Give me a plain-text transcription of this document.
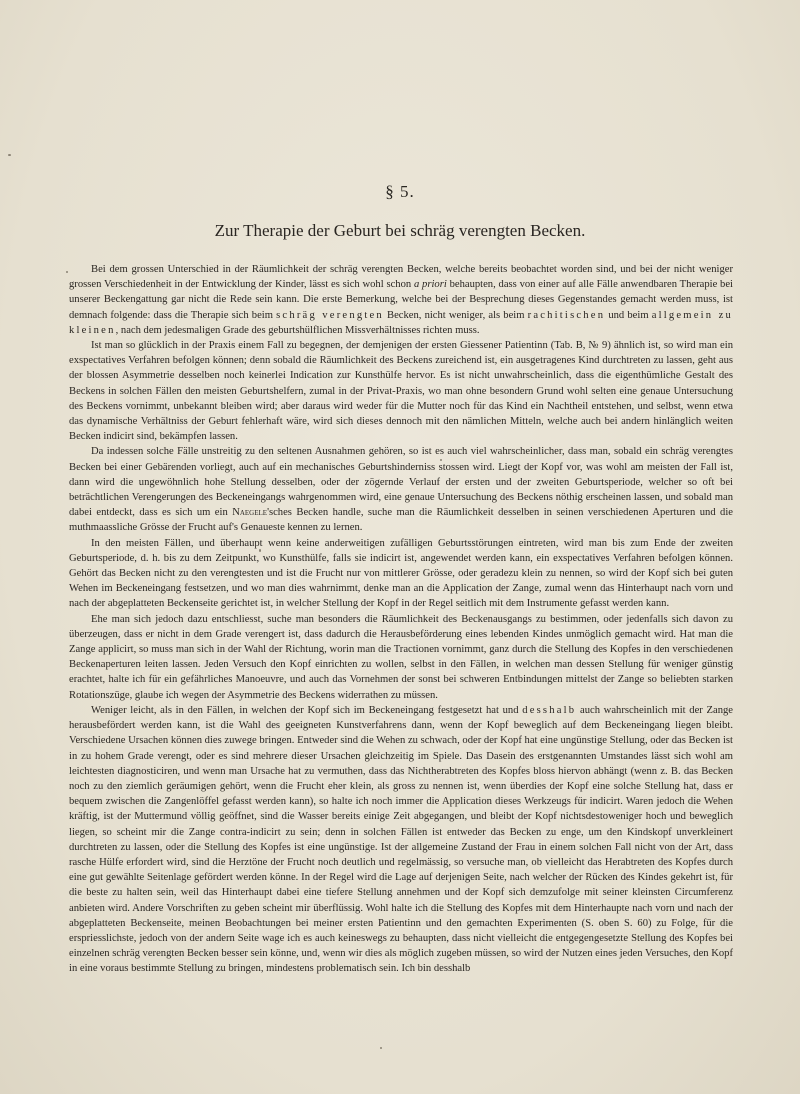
§ 5.
Zur Therapie der Geburt bei schräg verengten Becken.

Bei dem grossen Unterschied in der Räumlichkeit der schräg verengten Becken, welche bereits beobachtet worden sind, und bei der nicht weniger grossen Verschiedenheit in der Entwicklung der Kinder, lässt es sich wohl schon a priori behaupten, dass von einer auf alle Fälle anwendbaren Therapie bei unserer Beckengattung gar nicht die Rede sein kann. Die erste Bemerkung, welche bei der Besprechung dieses Gegenstandes gemacht werden muss, ist demnach folgende: dass die Therapie sich beim schräg verengten Becken, nicht weniger, als beim rachitischen und beim allgemein zu kleinen, nach dem jedesmaligen Grade des geburtshülflichen Missverhältnisses richten muss.

Ist man so glücklich in der Praxis einem Fall zu begegnen, der demjenigen der ersten Giessener Patientinn (Tab. B, № 9) ähnlich ist, so wird man ein exspectatives Verfahren befolgen können; denn sobald die Räumlichkeit des Beckens zureichend ist, ein ausgetragenes Kind durchtreten zu lassen, geht aus der blossen Asymmetrie desselben noch keinerlei Indication zur Kunsthülfe hervor. Es ist nicht unwahrscheinlich, dass die eigenthümliche Gestalt des Beckens in solchen Fällen den meisten Geburtshelfern, zumal in der Privat-Praxis, wo man ohne besondern Grund wohl selten eine genaue Untersuchung des Beckens vornimmt, unbekannt bleiben wird; aber daraus wird weder für die Mutter noch für das Kind ein Nachtheil entstehen, und selbst, wenn etwa das dynamische Verhältniss der Geburt fehlerhaft wäre, wird sich dieses dennoch mit den nämlichen Mitteln, welche auch bei andern hinlänglich weiten Becken indicirt sind, bekämpfen lassen.

Da indessen solche Fälle unstreitig zu den seltenen Ausnahmen gehören, so ist es auch viel wahrscheinlicher, dass man, sobald ein schräg verengtes Becken bei einer Gebärenden vorliegt, auch auf ein mechanisches Geburtshinderniss stossen wird. Liegt der Kopf vor, was wohl am meisten der Fall ist, dann wird die ungewöhnlich hohe Stellung desselben, oder der zögernde Verlauf der ersten und der zweiten Geburtsperiode, welcher so oft bei beträchtlichen Verengerungen des Beckeneingangs wahrgenommen wird, eine genaue Untersuchung des Beckens nöthig erscheinen lassen, und sobald man dabei entdeckt, dass es sich um ein Naegele'sches Becken handle, suche man die Räumlichkeit desselben in seinen verschiedenen Aperturen und die muthmaassliche Grösse der Frucht auf's Genaueste kennen zu lernen.

In den meisten Fällen, und überhaupt wenn keine anderweitigen zufälligen Geburtsstörungen eintreten, wird man bis zum Ende der zweiten Geburtsperiode, d. h. bis zu dem Zeitpunkt, wo Kunsthülfe, falls sie indicirt ist, angewendet werden kann, ein exspectatives Verfahren befolgen können. Gehört das Becken nicht zu den verengtesten und ist die Frucht nur von mittlerer Grösse, oder geradezu klein zu nennen, so wird der Kopf sich bei guten Wehen im Beckeneingang festsetzen, und wo man dies wahrnimmt, denke man an die Application der Zange, zumal wenn das Hinterhaupt nach vorn und nach der abgeplatteten Beckenseite gerichtet ist, in welcher Stellung der Kopf in der Regel seitlich mit dem Instrumente gefasst werden kann.

Ehe man sich jedoch dazu entschliesst, suche man besonders die Räumlichkeit des Beckenausgangs zu bestimmen, oder jedenfalls sich davon zu überzeugen, dass er nicht in dem Grade verengert ist, dass dadurch die Herausbeförderung eines lebenden Kindes unmöglich gemacht wird. Hat man die Zange applicirt, so muss man sich in der Wahl der Richtung, worin man die Tractionen vornimmt, ganz durch die Stellung des Kopfes in den verschiedenen Beckenaperturen leiten lassen. Jeden Versuch den Kopf einrichten zu wollen, selbst in den Fällen, in welchen man dessen Stellung für weniger günstig erachtet, halte ich für ein gefährliches Manoeuvre, und auch das Vornehmen der sonst bei schweren Entbindungen mittelst der Zange so beliebten starken Rotationszüge, glaube ich wegen der Asymmetrie des Beckens widerrathen zu müssen.

Weniger leicht, als in den Fällen, in welchen der Kopf sich im Beckeneingang festgesetzt hat und desshalb auch wahrscheinlich mit der Zange herausbefördert werden kann, ist die Wahl des geeigneten Kunstverfahrens dann, wenn der Kopf beweglich auf dem Beckeneingang liegen bleibt. Verschiedene Ursachen können dies zuwege bringen. Entweder sind die Wehen zu schwach, oder der Kopf hat eine ungünstige Stellung, oder das Becken ist in zu hohem Grade verengt, oder es sind mehrere dieser Ursachen gleichzeitig im Spiele. Das Dasein des erstgenannten Umstandes lässt sich wohl am leichtesten diagnosticiren, und wenn man Ursache hat zu vermuthen, dass das Nichtherabtreten des Kopfes bloss hiervon abhängt (wenn z. B. das Becken noch zu den ziemlich geräumigen gehört, wenn die Frucht eher klein, als gross zu nennen ist, wenn überdies der Kopf eine solche Stellung hat, dass er bequem zwischen die Zangenlöffel gefasst werden kann), so halte ich noch immer die Application dieses Werkzeugs für indicirt. Waren jedoch die Wehen kräftig, ist der Muttermund völlig geöffnet, sind die Wasser bereits einige Zeit abgegangen, und bleibt der Kopf nichtsdestoweniger hoch und beweglich liegen, so scheint mir die Zange contra-indicirt zu sein; denn in solchen Fällen ist entweder das Becken zu enge, um den Kindskopf unverkleinert durchtreten zu lassen, oder die Stellung des Kopfes ist eine ungünstige. Ist der allgemeine Zustand der Frau in einem solchen Fall nicht von der Art, dass rasche Hülfe erfordert wird, sind die Herztöne der Frucht noch deutlich und regelmässig, so versuche man, ob vielleicht das Herabtreten des Kopfes durch eine gut gewählte Seitenlage gefördert werden könne. In der Regel wird die Lage auf derjenigen Seite, nach welcher der Rücken des Kindes gekehrt ist, für die beste zu halten sein, weil das Hinterhaupt dabei eine tiefere Stellung annehmen und der Kopf sich demzufolge mit seiner kleinsten Circumferenz anbieten wird. Andere Vorschriften zu geben scheint mir überflüssig. Wohl halte ich die Stellung des Kopfes mit dem Hinterhaupte nach vorn und nach der abgeplatteten Beckenseite, meinen Beobachtungen bei meiner ersten Patientinn und den gemachten Experimenten (S. oben S. 60) zu Folge, für die erspriesslichste, jedoch von der andern Seite wage ich es auch keineswegs zu behaupten, dass nicht vielleicht die entgegengesetzte Stellung des Kopfes bei einzelnen schräg verengten Becken besser sein könne, und, wenn wir dies als möglich zugeben müssen, so wird der Nutzen eines jeden Versuches, den Kopf in eine voraus bestimmte Stellung zu bringen, mindestens problematisch sein. Ich bin desshalb
